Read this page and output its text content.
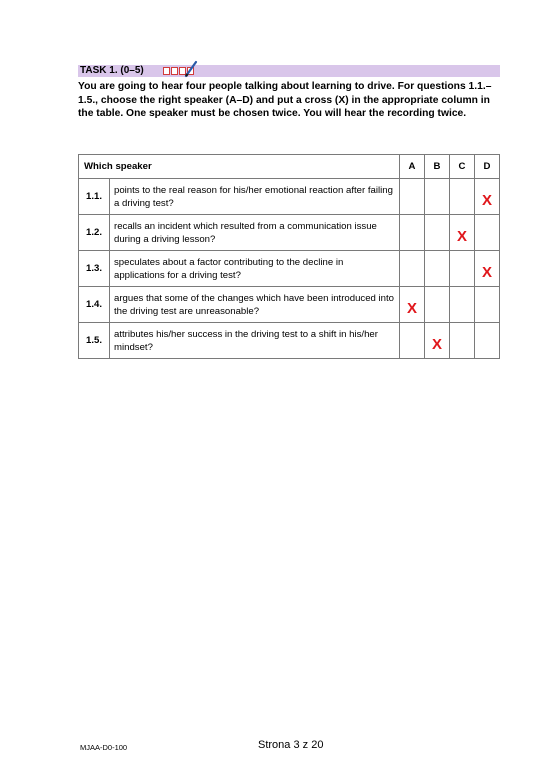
TASK 1. (0–5)
You are going to hear four people talking about learning to drive. For questions 1.1.–1.5., choose the right speaker (A–D) and put a cross (X) in the appropriate column in the table. One speaker must be chosen twice. You will hear the recording twice.
Which speaker		A	B	C	D
1.1.	points to the real reason for his/her emotional reaction after failing a driving test?				X
1.2.	recalls an incident which resulted from a communication issue during a driving lesson?			X	
1.3.	speculates about a factor contributing to the decline in applications for a driving test?				X
1.4.	argues that some of the changes which have been introduced into the driving test are unreasonable?	X			
1.5.	attributes his/her success in the driving test to a shift in his/her mindset?		X		
MJAA-D0-100	Strona 3 z 20
